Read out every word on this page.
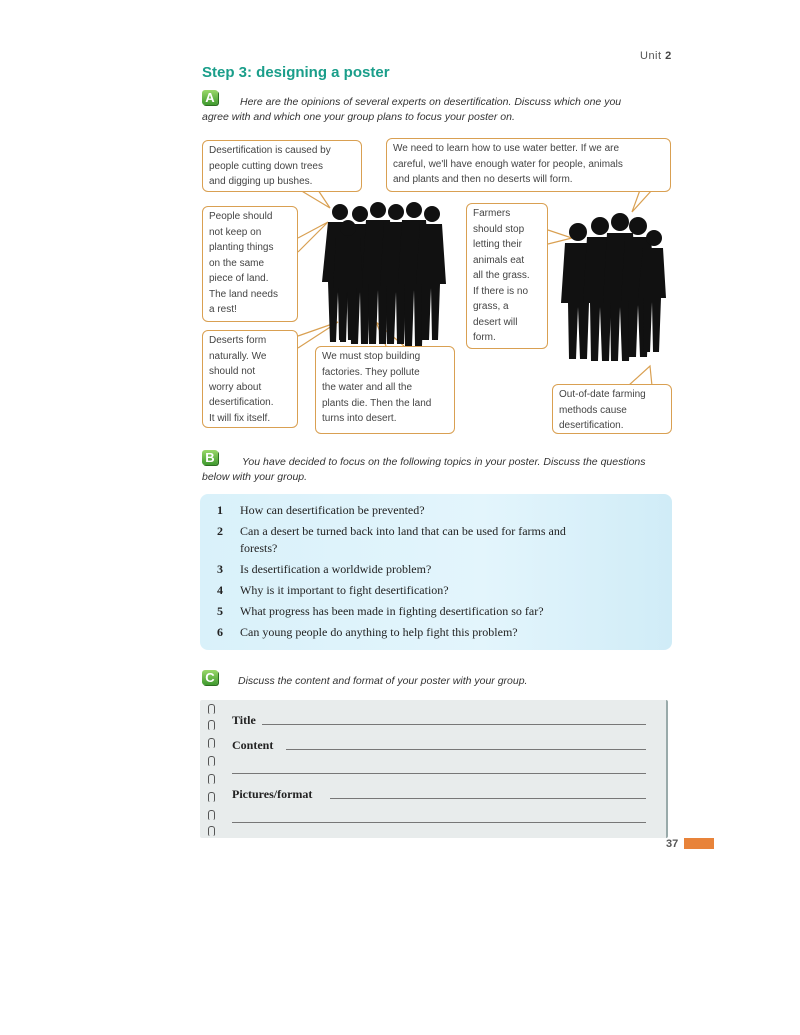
Unit 2
Step 3: designing a poster
A	Here are the opinions of several experts on desertification. Discuss which one you
agree with and which one your group plans to focus your poster on.
Desertification is caused by
people cutting down trees
and digging up bushes.
We need to learn how to use water better. If we are
careful, we'll have enough water for people, animals
and plants and then no deserts will form.
People should
not keep on
planting things
on the same
piece of land.
The land needs
a rest!
Farmers
should stop
letting their
animals eat
all the grass.
If there is no
grass, a
desert will
form.
Deserts form
naturally. We
should not
worry about
desertification.
It will fix itself.
We must stop building
factories. They pollute
the water and all the
plants die. Then the land
turns into desert.
Out-of-date farming
methods cause
desertification.
B	You have decided to focus on the following topics in your poster. Discuss the questions
below with your group.
1 How can desertification be prevented?
2 Can a desert be turned back into land that can be used for farms and
forests?
3 Is desertification a worldwide problem?
4 Why is it important to fight desertification?
5 What progress has been made in fighting desertification so far?
6 Can young people do anything to help fight this problem?
C	Discuss the content and format of your poster with your group.
Title
Content
Pictures/format
37
